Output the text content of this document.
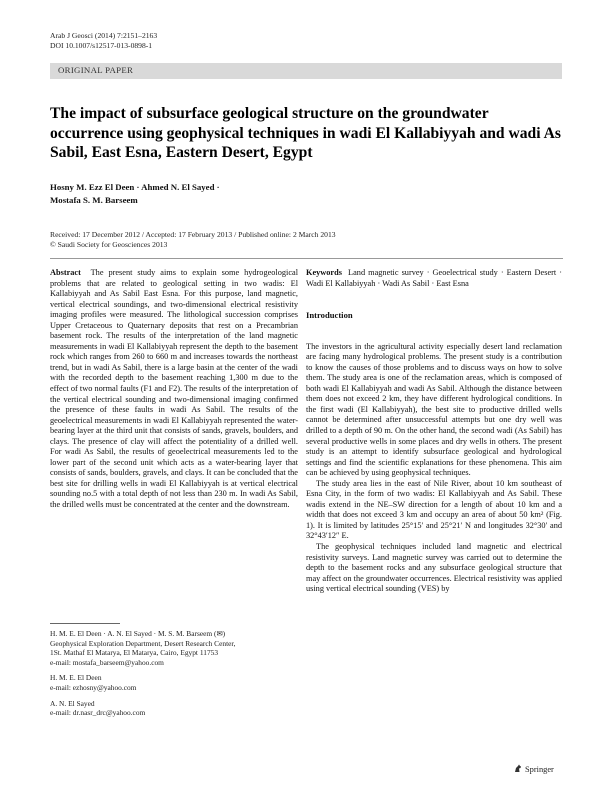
Arab J Geosci (2014) 7:2151–2163
DOI 10.1007/s12517-013-0898-1
ORIGINAL PAPER
The impact of subsurface geological structure on the groundwater occurrence using geophysical techniques in wadi El Kallabiyyah and wadi As Sabil, East Esna, Eastern Desert, Egypt
Hosny M. Ezz El Deen · Ahmed N. El Sayed ·
Mostafa S. M. Barseem
Received: 17 December 2012 / Accepted: 17 February 2013 / Published online: 2 March 2013
© Saudi Society for Geosciences 2013

Abstract The present study aims to explain some hydrogeological problems that are related to geological setting in two wadis: El Kallabiyyah and As Sabil East Esna. For this purpose, land magnetic, vertical electrical soundings, and two-dimensional electrical resistivity imaging profiles were measured. The lithological succession comprises Upper Cretaceous to Quaternary deposits that rest on a Precambrian basement rock. The results of the interpretation of the land magnetic measurements in wadi El Kallabiyyah represent the depth to the basement rock which ranges from 260 to 660 m and increases towards the northeast trend, but in wadi As Sabil, there is a large basin at the center of the wadi with the recorded depth to the basement reaching 1,300 m due to the effect of two normal faults (F1 and F2). The results of the interpretation of the vertical electrical sounding and two-dimensional imaging confirmed the presence of these faults in wadi As Sabil. The results of the geoelectrical measurements in wadi El Kallabiyyah represented the water-bearing layer at the third unit that consists of sands, gravels, boulders, and clays. The presence of clay will affect the potentiality of a drilled well. For wadi As Sabil, the results of geoelectrical measurements led to the lower part of the second unit which acts as a water-bearing layer that consists of sands, boulders, gravels, and clays. It can be concluded that the best site for drilling wells in wadi El Kallabiyyah is at vertical electrical sounding no.5 with a total depth of not less than 230 m. In wadi As Sabil, the drilled wells must be concentrated at the center and the downstream.

Keywords Land magnetic survey · Geoelectrical study · Eastern Desert · Wadi El Kallabiyyah · Wadi As Sabil · East Esna

Introduction

The investors in the agricultural activity especially desert land reclamation are facing many hydrological problems. The present study is a contribution to know the causes of those problems and to discuss ways on how to solve them. The study area is one of the reclamation areas, which is composed of both wadi El Kallabiyyah and wadi As Sabil. Although the distance between them does not exceed 2 km, they have different hydrological conditions. In the first wadi (El Kallabiyyah), the best site to productive drilled wells cannot be determined after unsuccessful attempts but one dry well was drilled to a depth of 90 m. On the other hand, the second wadi (As Sabil) has several productive wells in some places and dry wells in others. The present study is an attempt to identify subsurface geological and hydrological settings and find the scientific explanations for these phenomena. This aim can be achieved by using geophysical techniques.

The study area lies in the east of Nile River, about 10 km southeast of Esna City, in the form of two wadis: El Kallabiyyah and As Sabil. These wadis extend in the NE–SW direction for a length of about 10 km and a width that does not exceed 3 km and occupy an area of about 50 km² (Fig. 1). It is limited by latitudes 25°15′ and 25°21′ N and longitudes 32°30′ and 32°43′12″ E.

The geophysical techniques included land magnetic and electrical resistivity surveys. Land magnetic survey was carried out to determine the depth to the basement rocks and any subsurface geological structure that may affect on the groundwater occurrences. Electrical resistivity was applied using vertical electrical sounding (VES) by

H. M. E. El Deen · A. N. El Sayed · M. S. M. Barseem (✉)
Geophysical Exploration Department, Desert Research Center,
1St. Mathaf El Matarya, El Matarya, Cairo, Egypt 11753
e-mail: mostafa_barseem@yahoo.com

H. M. E. El Deen
e-mail: ezhosny@yahoo.com

A. N. El Sayed
e-mail: dr.nasr_drc@yahoo.com

Springer
